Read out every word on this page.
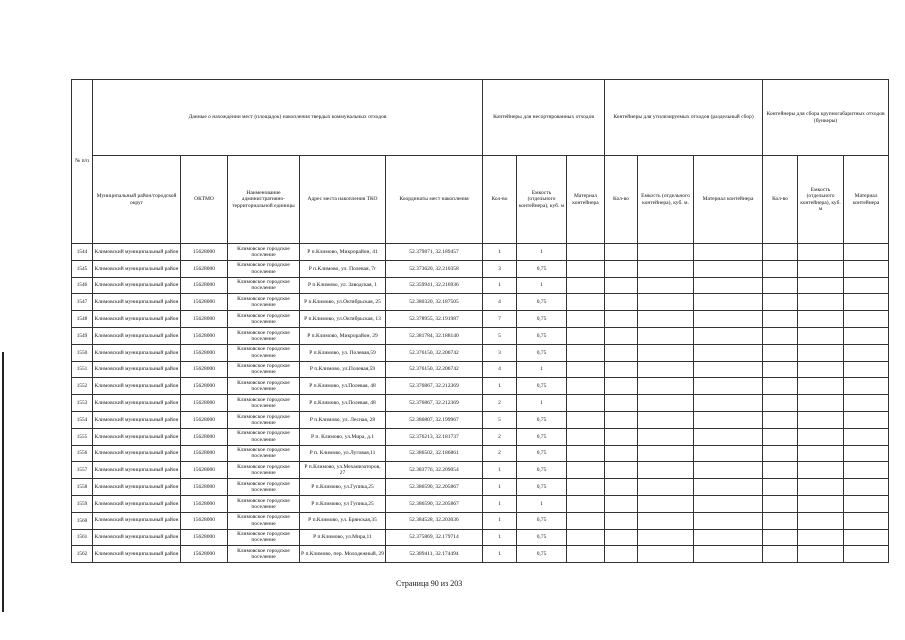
№ п/п	Данные о нахождении мест (площадок) накопления твердых коммунальных отходов					Контейнеры для несортированных отходов			Контейнеры для утилизируемых отходов (раздельный сбор)			Контейнеры для сбора крупногабаритных отходов (бункеры)		
	Муниципальный район/городской округ	ОКТМО	Наименование административно-территориальной единицы	Адрес места накопления ТКО	Координаты мест накопления	Кол-во	Емкость (отдельного контейнера), куб. м	Материал контейнера	Кол-во	Емкость (отдельного контейнера), куб. м.	Материал контейнера	Кол-во	Емкость (отдельного контейнера), куб. м	Материал контейнера
1544	Климовский муниципальный район	15628000	Климовское городское поселение	Р п.Климово, Микрорайон, 41	52.379871, 32.189457	1	1							
1545	Климовский муниципальный район	15628000	Климовское городское поселение	Р п.Климово, ул. Полевая, 7г	52.373620, 32.210358	3	0,75							
1546	Климовский муниципальный район	15628000	Климовское городское поселение	Р п.Климово, ул. Заводская, 1	52.359941, 32.216936	1	1							
1547	Климовский муниципальный район	15628000	Климовское городское поселение	Р п.Климово, ул.Октябрьская, 25	52.380320, 32.187505	4	0,75							
1548	Климовский муниципальный район	15628000	Климовское городское поселение	Р п.Климово, ул.Октябрьская, 13	52.378955, 32.191987	7	0,75							
1549	Климовский муниципальный район	15628000	Климовское городское поселение	Р п.Климово, Микрорайон, 29	52.381784, 32.188140	5	0,75							
1550	Климовский муниципальный район	15628000	Климовское городское поселение	Р п.Климово, ул. Полевая,59	52.376150, 32.206742	3	0,75							
1551	Климовский муниципальный район	15628000	Климовское городское поселение	Р п.Климово, ул.Полевая,59	52.376150, 32.206742	4	1							
1552	Климовский муниципальный район	15628000	Климовское городское поселение	Р п.Климово, ул.Полевая, 48	52.376867, 32.212369	1	0,75							
1553	Климовский муниципальный район	15628000	Климовское городское поселение	Р п.Климово, ул.Полевая, 48	52.376867, 32.212369	2	1							
1554	Климовский муниципальный район	15628000	Климовское городское поселение	Р п.Климово, ул. Лесная, 28	52.386807, 32.199967	5	0,75							
1555	Климовский муниципальный район	15628000	Климовское городское поселение	Р п. Климово, ул.Мира, д.1	52.376213, 32.181737	2	0,75							
1556	Климовский муниципальный район	15628000	Климовское городское поселение	Р п. Климово, ул.Луговая,11	52.386502, 32.186861	2	0,75							
1557	Климовский муниципальный район	15628000	Климовское городское поселение	Р п.Климово, ул.Механизаторов, 27	52.383776, 32.209054	1	0,75							
1558	Климовский муниципальный район	15628000	Климовское городское поселение	Р п.Климово, ул.Гупика,25	52.386590, 32.205867	1	0,75							
1559	Климовский муниципальный район	15628000	Климовское городское поселение	Р п.Климово, ул Гупика,25	52.386590, 32.205867	1	1							
1560	Климовский муниципальный район	15628000	Климовское городское поселение	Р п.Климово, ул. Брянская,35	52.384528, 32.203036	1	0,75							
1561	Климовский муниципальный район	15628000	Климовское городское поселение	Р п.Климово, ул.Мира,11	52.375869, 32.179714	1	0,75							
1562	Климовский муниципальный район	15628000	Климовское городское поселение	Р п.Климово, пер. Молодежный, 29	52.389411, 32.174494	1	0,75							
Страница 90 из 203
